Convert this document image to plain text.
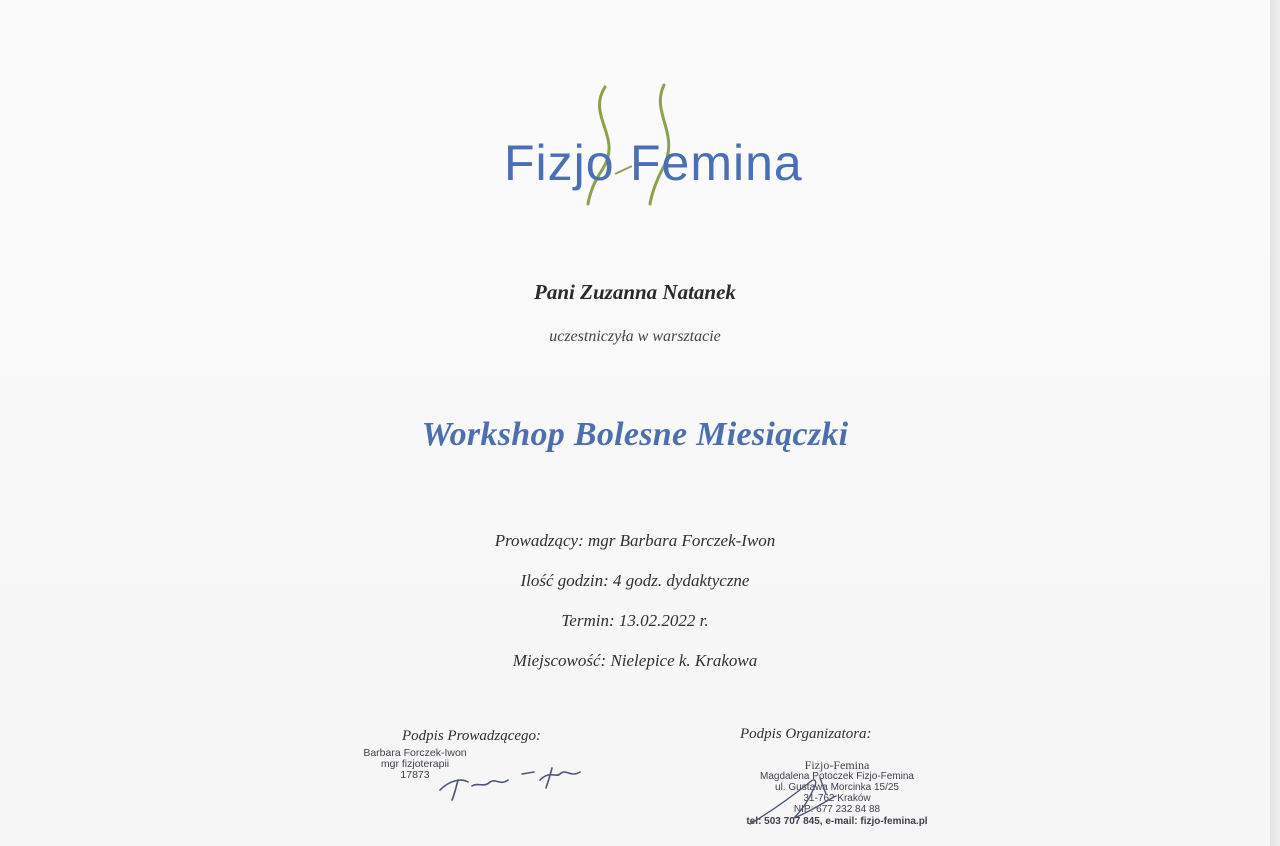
Fizjo Femina
Pani Zuzanna Natanek
uczestniczyła w warsztacie
Workshop Bolesne Miesiączki
Prowadzący: mgr Barbara Forczek-Iwon
Ilość godzin: 4 godz. dydaktyczne
Termin: 13.02.2022 r.
Miejscowość: Nielepice k. Krakowa
Podpis Prowadzącego:
Barbara Forczek-Iwon
mgr fizjoterapii
17873
Podpis Organizatora:
Fizjo-Femina
Magdalena Potoczek Fizjo-Femina
ul. Gustawa Morcinka 15/25
31-762 Kraków
NIP: 677 232 84 88
tel: 503 707 845, e-mail: fizjo-femina.pl
